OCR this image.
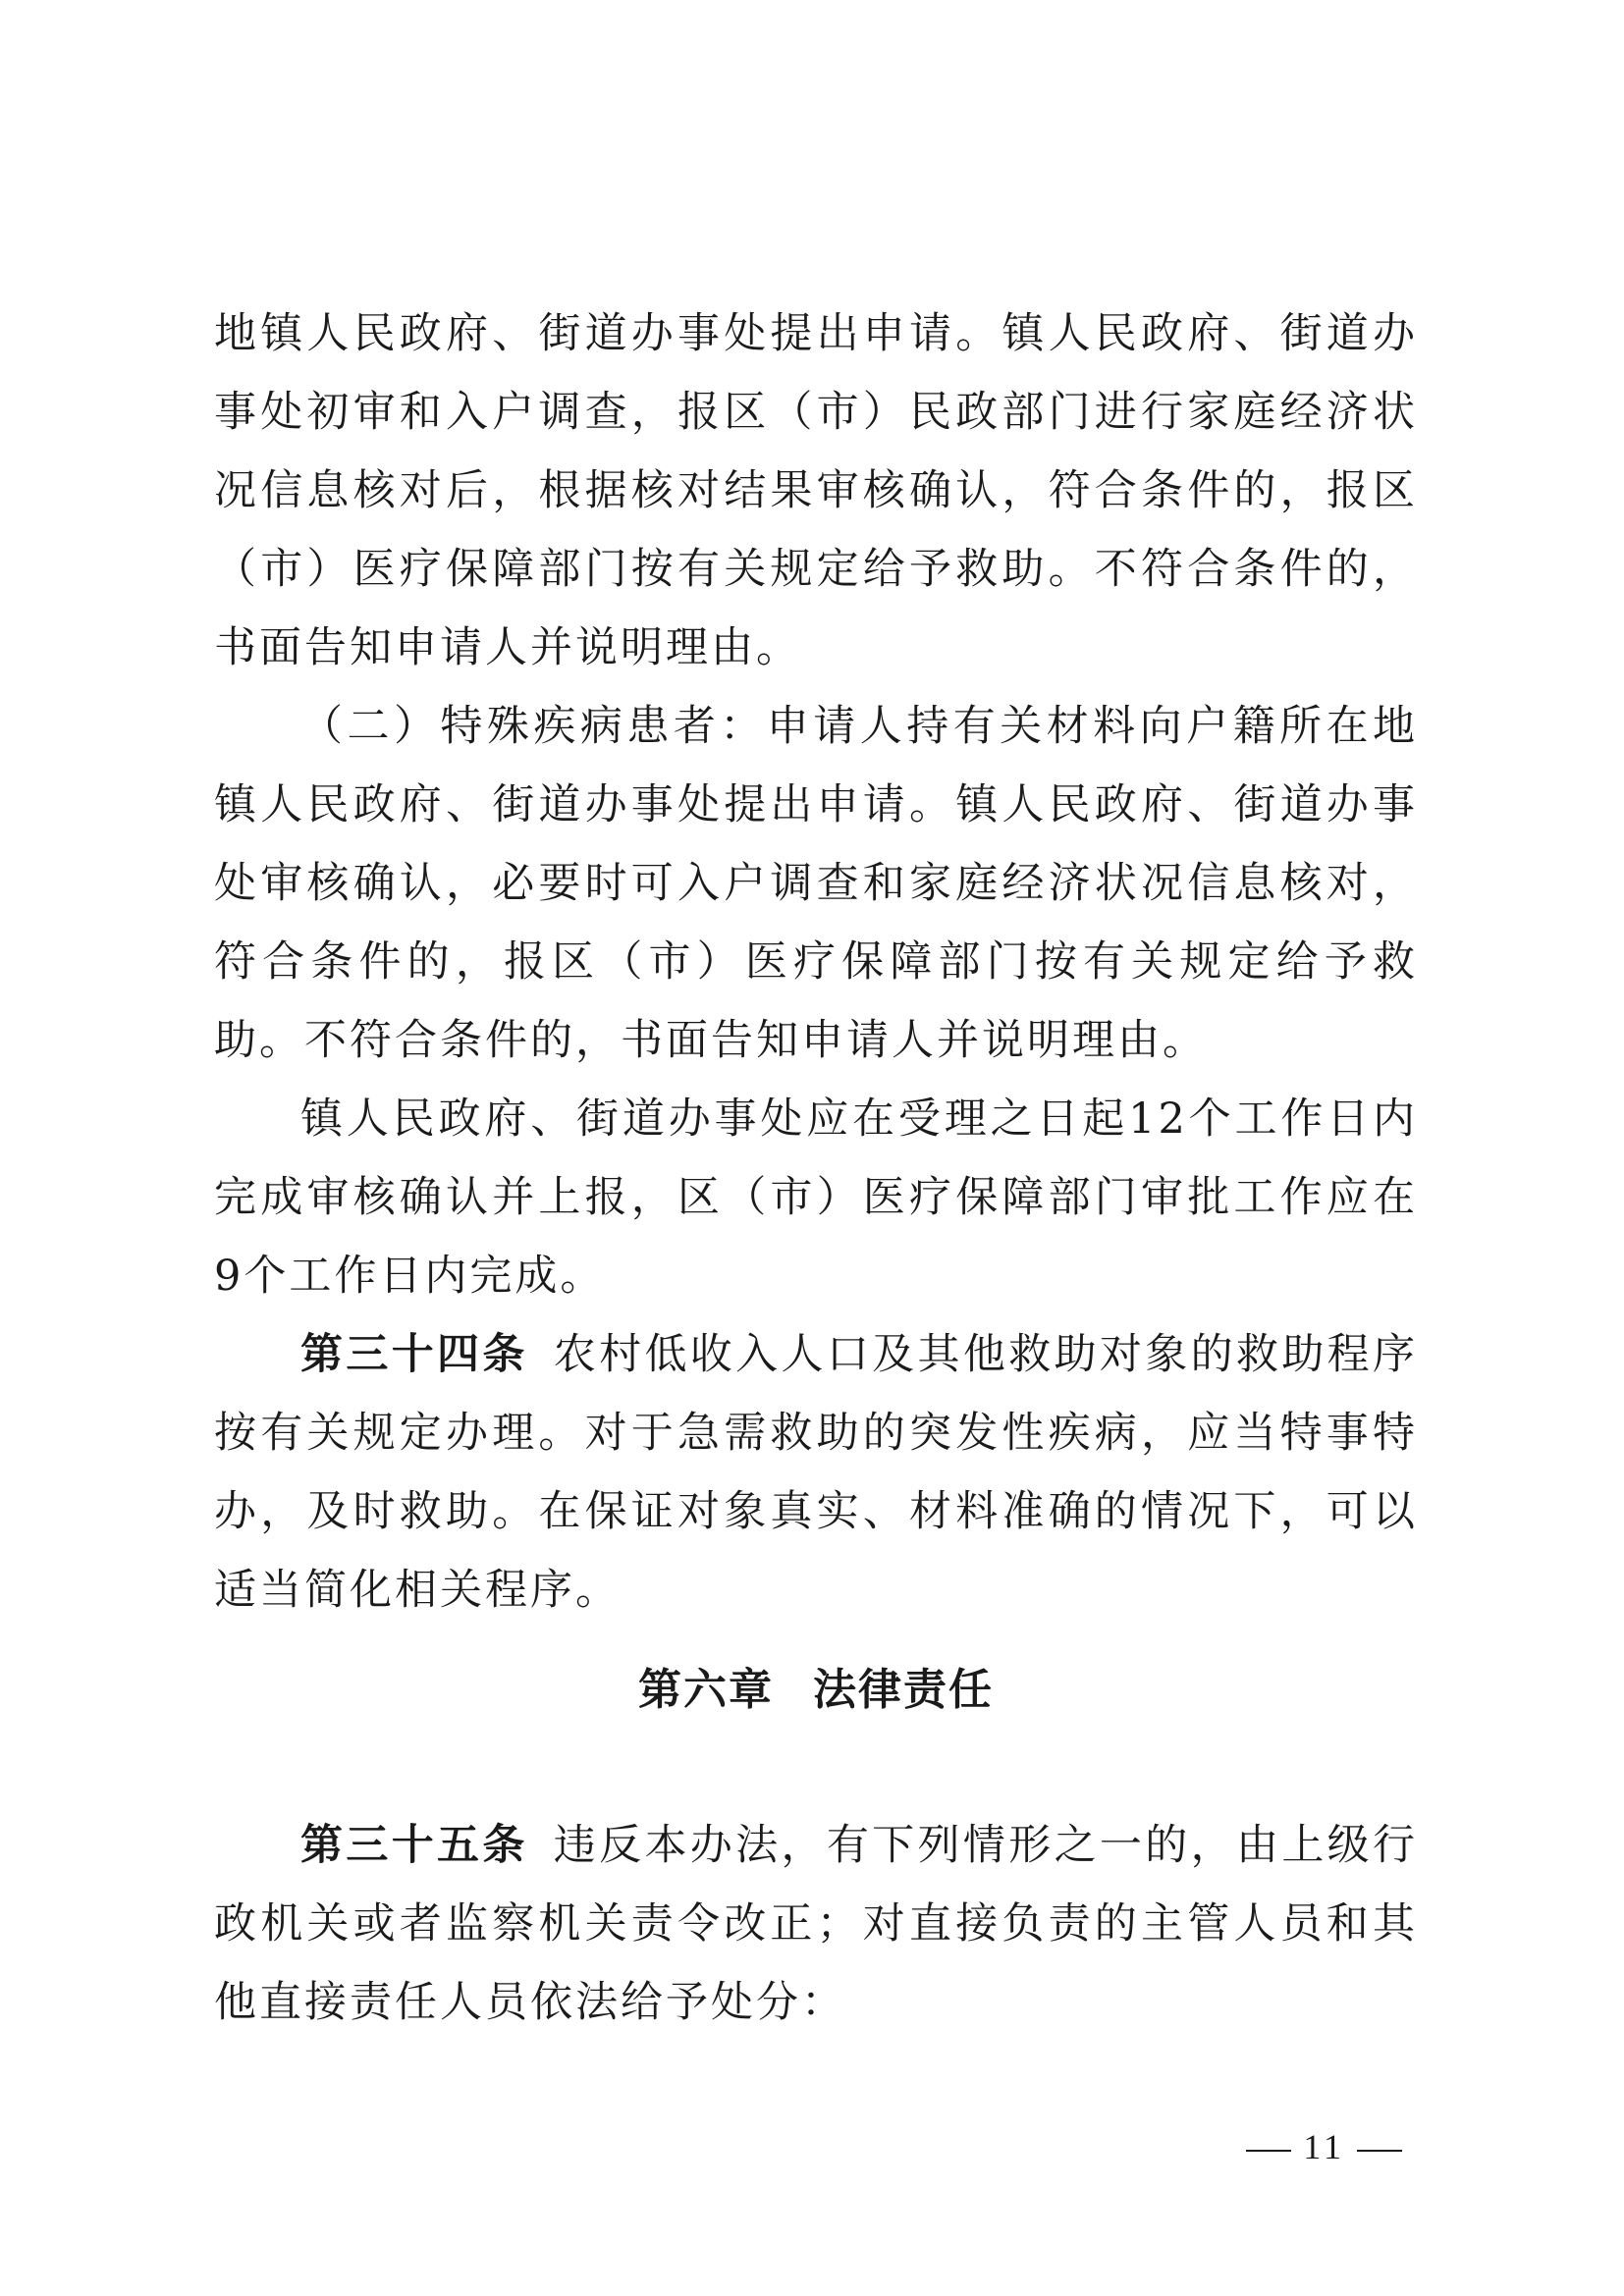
地镇人民政府、街道办事处提出申请。镇人民政府、街道办事处初审和入户调查，报区（市）民政部门进行家庭经济状况信息核对后，根据核对结果审核确认，符合条件的，报区（市）医疗保障部门按有关规定给予救助。不符合条件的，书面告知申请人并说明理由。

（二）特殊疾病患者：申请人持有关材料向户籍所在地镇人民政府、街道办事处提出申请。镇人民政府、街道办事处审核确认，必要时可入户调查和家庭经济状况信息核对，符合条件的，报区（市）医疗保障部门按有关规定给予救助。不符合条件的，书面告知申请人并说明理由。

镇人民政府、街道办事处应在受理之日起12个工作日内完成审核确认并上报，区（市）医疗保障部门审批工作应在9个工作日内完成。

第三十四条 农村低收入人口及其他救助对象的救助程序按有关规定办理。对于急需救助的突发性疾病，应当特事特办，及时救助。在保证对象真实、材料准确的情况下，可以适当简化相关程序。

第六章 法律责任

第三十五条 违反本办法，有下列情形之一的，由上级行政机关或者监察机关责令改正；对直接负责的主管人员和其他直接责任人员依法给予处分：

11
